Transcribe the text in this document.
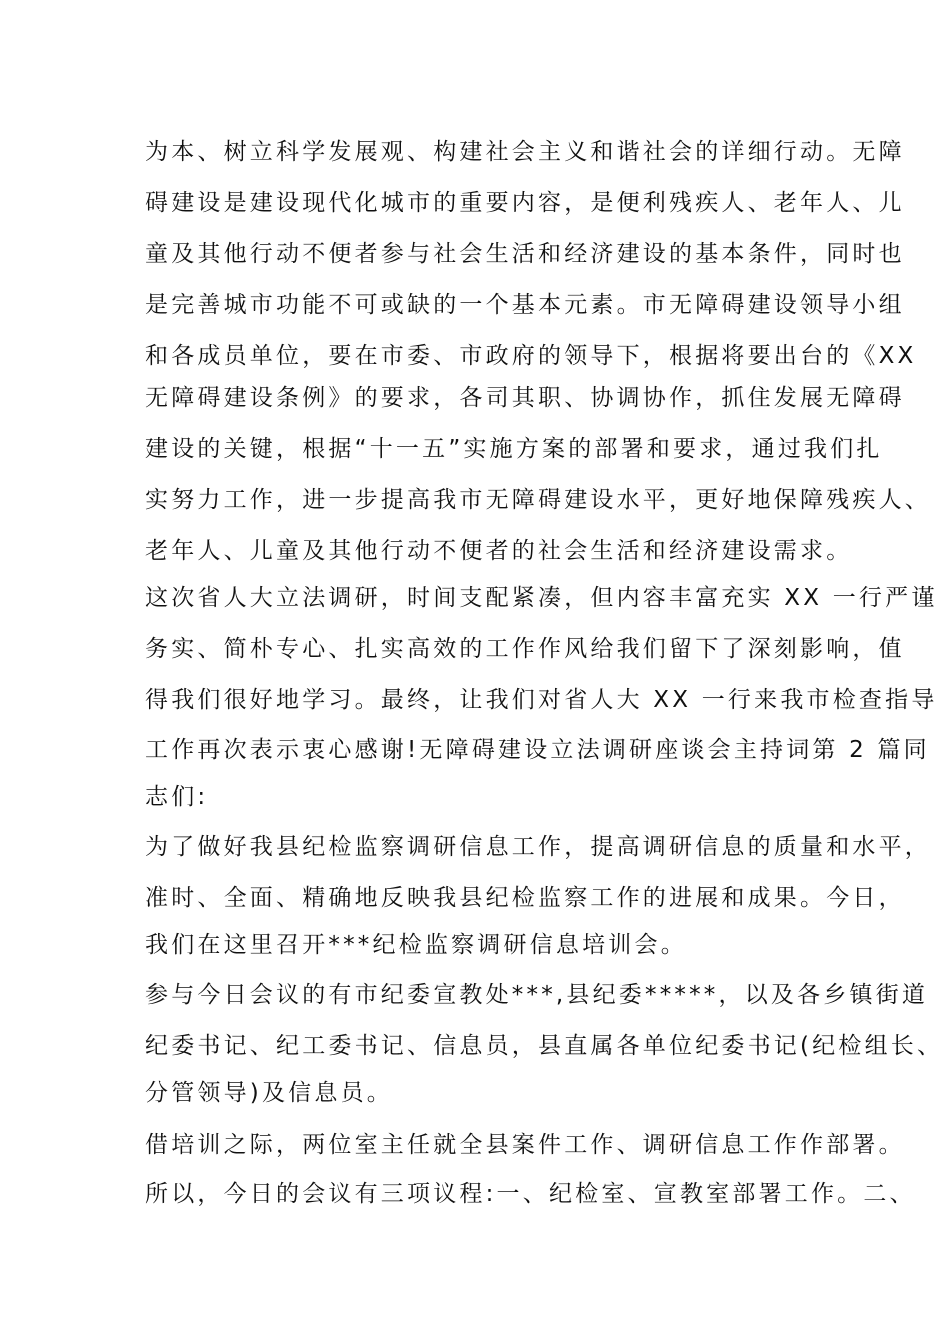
为本、树立科学发展观、构建社会主义和谐社会的详细行动。无障
碍建设是建设现代化城市的重要内容，是便利残疾人、老年人、儿
童及其他行动不便者参与社会生活和经济建设的基本条件，同时也
是完善城市功能不可或缺的一个基本元素。市无障碍建设领导小组
和各成员单位，要在市委、市政府的领导下，根据将要出台的《XX
无障碍建设条例》的要求，各司其职、协调协作，抓住发展无障碍
建设的关键，根据“十一五”实施方案的部署和要求，通过我们扎
实努力工作，进一步提高我市无障碍建设水平，更好地保障残疾人、
老年人、儿童及其他行动不便者的社会生活和经济建设需求。
这次省人大立法调研，时间支配紧凑，但内容丰富充实 XX 一行严谨
务实、简朴专心、扎实高效的工作作风给我们留下了深刻影响，值
得我们很好地学习。最终，让我们对省人大 XX 一行来我市检查指导
工作再次表示衷心感谢!无障碍建设立法调研座谈会主持词第 2 篇同
志们:
为了做好我县纪检监察调研信息工作，提高调研信息的质量和水平，
准时、全面、精确地反映我县纪检监察工作的进展和成果。今日，
我们在这里召开***纪检监察调研信息培训会。
参与今日会议的有市纪委宣教处***,县纪委*****，以及各乡镇街道
纪委书记、纪工委书记、信息员，县直属各单位纪委书记(纪检组长、
分管领导)及信息员。
借培训之际，两位室主任就全县案件工作、调研信息工作作部署。
所以，今日的会议有三项议程:一、纪检室、宣教室部署工作。二、
